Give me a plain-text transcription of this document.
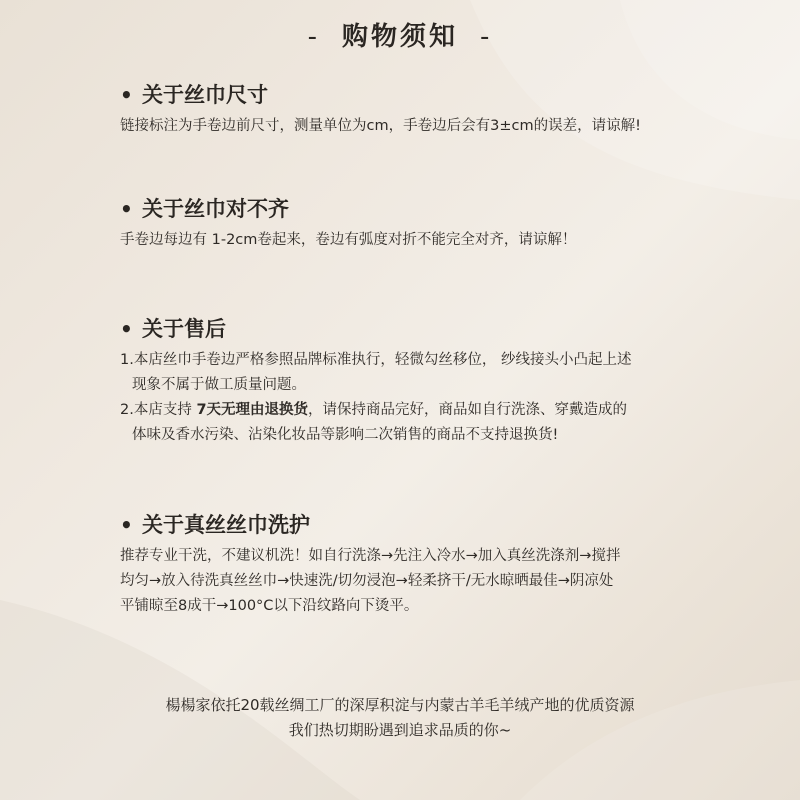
- 购物须知 -
• 关于丝巾尺寸

链接标注为手卷边前尺寸，测量单位为cm，手卷边后会有3±cm的误差，请谅解!

• 关于丝巾对不齐

手卷边每边有 1-2cm卷起来，卷边有弧度对折不能完全对齐，请谅解！

• 关于售后

1.本店丝巾手卷边严格参照品牌标准执行，轻微勾丝移位， 纱线接头小凸起上述

现象不属于做工质量问题。

2.本店支持 7天无理由退换货，请保持商品完好，商品如自行洗涤、穿戴造成的

体味及香水污染、沾染化妆品等影响二次销售的商品不支持退换货!

• 关于真丝丝巾洗护

推荐专业干洗，不建议机洗！如自行洗涤→先注入冷水→加入真丝洗涤剂→搅拌

均匀→放入待洗真丝丝巾→快速洗/切勿浸泡→轻柔挤干/无水晾晒最佳→阴凉处

平铺晾至8成干→100°C以下沿纹路向下烫平。

楊楊家依托20载丝绸工厂的深厚积淀与内蒙古羊毛羊绒产地的优质资源

我们热切期盼遇到追求品质的你~
